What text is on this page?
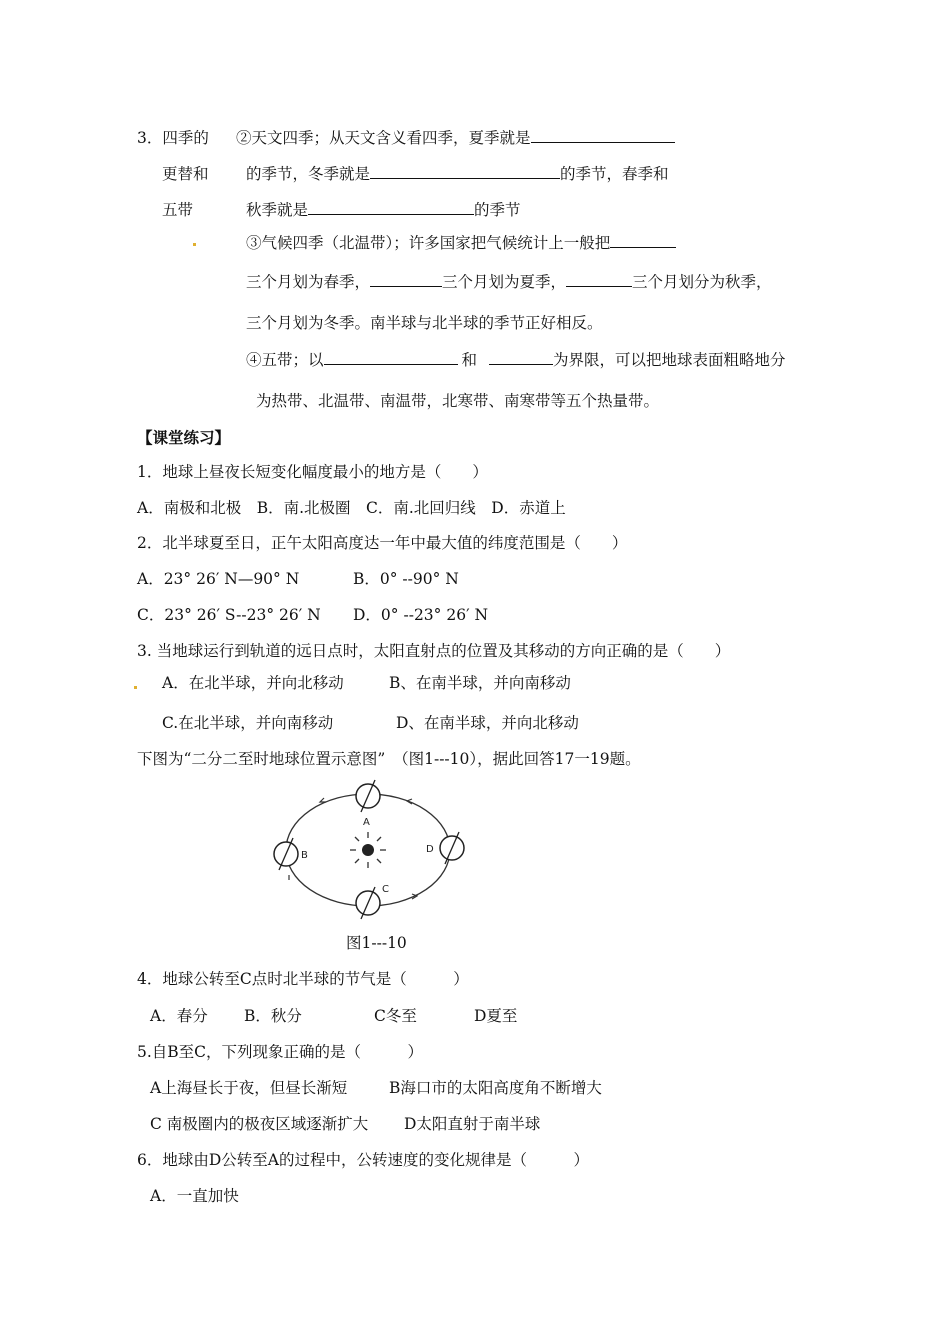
3．四季的
更替和
五带
②天文四季；从天文含义看四季，夏季就是
的季节，冬季就是	的季节，春季和
秋季就是	的季节
③气候四季（北温带）；许多国家把气候统计上一般把
三个月划为春季，	三个月划为夏季，	三个月划分为秋季，
三个月划为冬季。南半球与北半球的季节正好相反。
④五带；以	和	为界限，可以把地球表面粗略地分
为热带、北温带、南温带，北寒带、南寒带等五个热量带。
【课堂练习】
1．地球上昼夜长短变化幅度最小的地方是（　　）
A．南极和北极　B．南.北极圈　C．南.北回归线　D．赤道上
2．北半球夏至日，正午太阳高度达一年中最大值的纬度范围是（　　）
A．23° 26′ N—90° N	B．0° --90° N
C．23° 26′ S--23° 26′ N D．0° --23° 26′ N
3. 当地球运行到轨道的远日点时，太阳直射点的位置及其移动的方向正确的是（　　）
A．在北半球，并向北移动	B、在南半球，并向南移动
C.在北半球，并向南移动	D、在南半球，并向北移动
下图为“二分二至时地球位置示意图”　（图1---10），据此回答17一19题。
A
B
C
D
图1---10
4．地球公转至C点时北半球的节气是（　　　）
A．春分 B．秋分	C冬至	D夏至
5.自B至C，下列现象正确的是（　　　）
A上海昼长于夜，但昼长渐短	B海口市的太阳高度角不断增大
C 南极圈内的极夜区域逐渐扩大 D太阳直射于南半球
6．地球由D公转至A的过程中，公转速度的变化规律是（　　　）
A．一直加快
